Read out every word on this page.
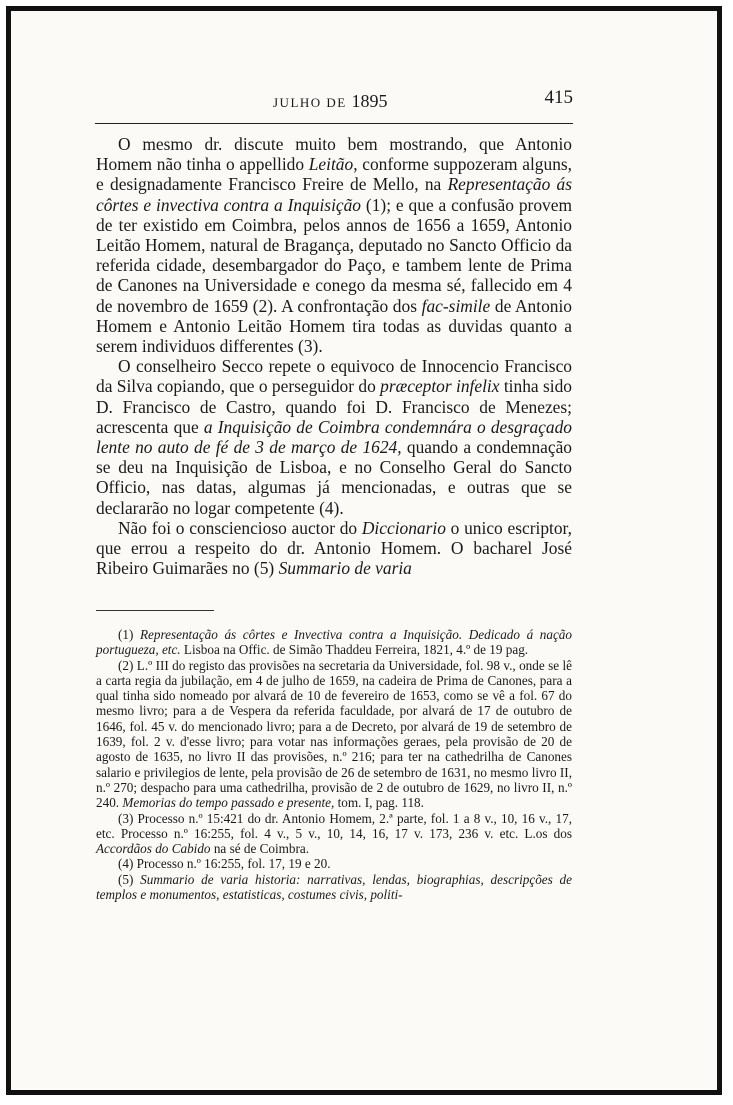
JULHO DE 1895	415

O mesmo dr. discute muito bem mostrando, que Antonio Homem não tinha o appellido Leitão, conforme suppozeram alguns, e designadamente Francisco Freire de Mello, na Representação ás côrtes e invectiva contra a Inquisição (1); e que a confusão provem de ter existido em Coimbra, pelos annos de 1656 a 1659, Antonio Leitão Homem, natural de Bragança, deputado no Sancto Officio da referida cidade, desembargador do Paço, e tambem lente de Prima de Canones na Universidade e conego da mesma sé, fallecido em 4 de novembro de 1659 (2). A confrontação dos fac-simile de Antonio Homem e Antonio Leitão Homem tira todas as duvidas quanto a serem individuos differentes (3).

O conselheiro Secco repete o equivoco de Innocencio Francisco da Silva copiando, que o perseguidor do præceptor infelix tinha sido D. Francisco de Castro, quando foi D. Francisco de Menezes; acrescenta que a Inquisição de Coimbra condemnára o desgraçado lente no auto de fé de 3 de março de 1624, quando a condemnação se deu na Inquisição de Lisboa, e no Conselho Geral do Sancto Officio, nas datas, algumas já mencionadas, e outras que se declararão no logar competente (4).

Não foi o consciencioso auctor do Diccionario o unico escriptor, que errou a respeito do dr. Antonio Homem. O bacharel José Ribeiro Guimarães no (5) Summario de varia

(1) Representação ás côrtes e Invectiva contra a Inquisição. Dedicado á nação portugueza, etc. Lisboa na Offic. de Simão Thaddeu Ferreira, 1821, 4.º de 19 pag.

(2) L.º III do registo das provisões na secretaria da Universidade, fol. 98 v., onde se lê a carta regia da jubilação, em 4 de julho de 1659, na cadeira de Prima de Canones, para a qual tinha sido nomeado por alvará de 10 de fevereiro de 1653, como se vê a fol. 67 do mesmo livro; para a de Vespera da referida faculdade, por alvará de 17 de outubro de 1646, fol. 45 v. do mencionado livro; para a de Decreto, por alvará de 19 de setembro de 1639, fol. 2 v. d'esse livro; para votar nas informações geraes, pela provisão de 20 de agosto de 1635, no livro II das provisões, n.º 216; para ter na cathedrilha de Canones salario e privilegios de lente, pela provisão de 26 de setembro de 1631, no mesmo livro II, n.º 270; despacho para uma cathedrilha, provisão de 2 de outubro de 1629, no livro II, n.º 240. Memorias do tempo passado e presente, tom. I, pag. 118.

(3) Processo n.º 15:421 do dr. Antonio Homem, 2.ª parte, fol. 1 a 8 v., 10, 16 v., 17, etc. Processo n.º 16:255, fol. 4 v., 5 v., 10, 14, 16, 17 v. 173, 236 v. etc. L.os dos Accordãos do Cabido na sé de Coimbra.

(4) Processo n.º 16:255, fol. 17, 19 e 20.

(5) Summario de varia historia: narrativas, lendas, biographias, descripções de templos e monumentos, estatisticas, costumes civis, politi-
